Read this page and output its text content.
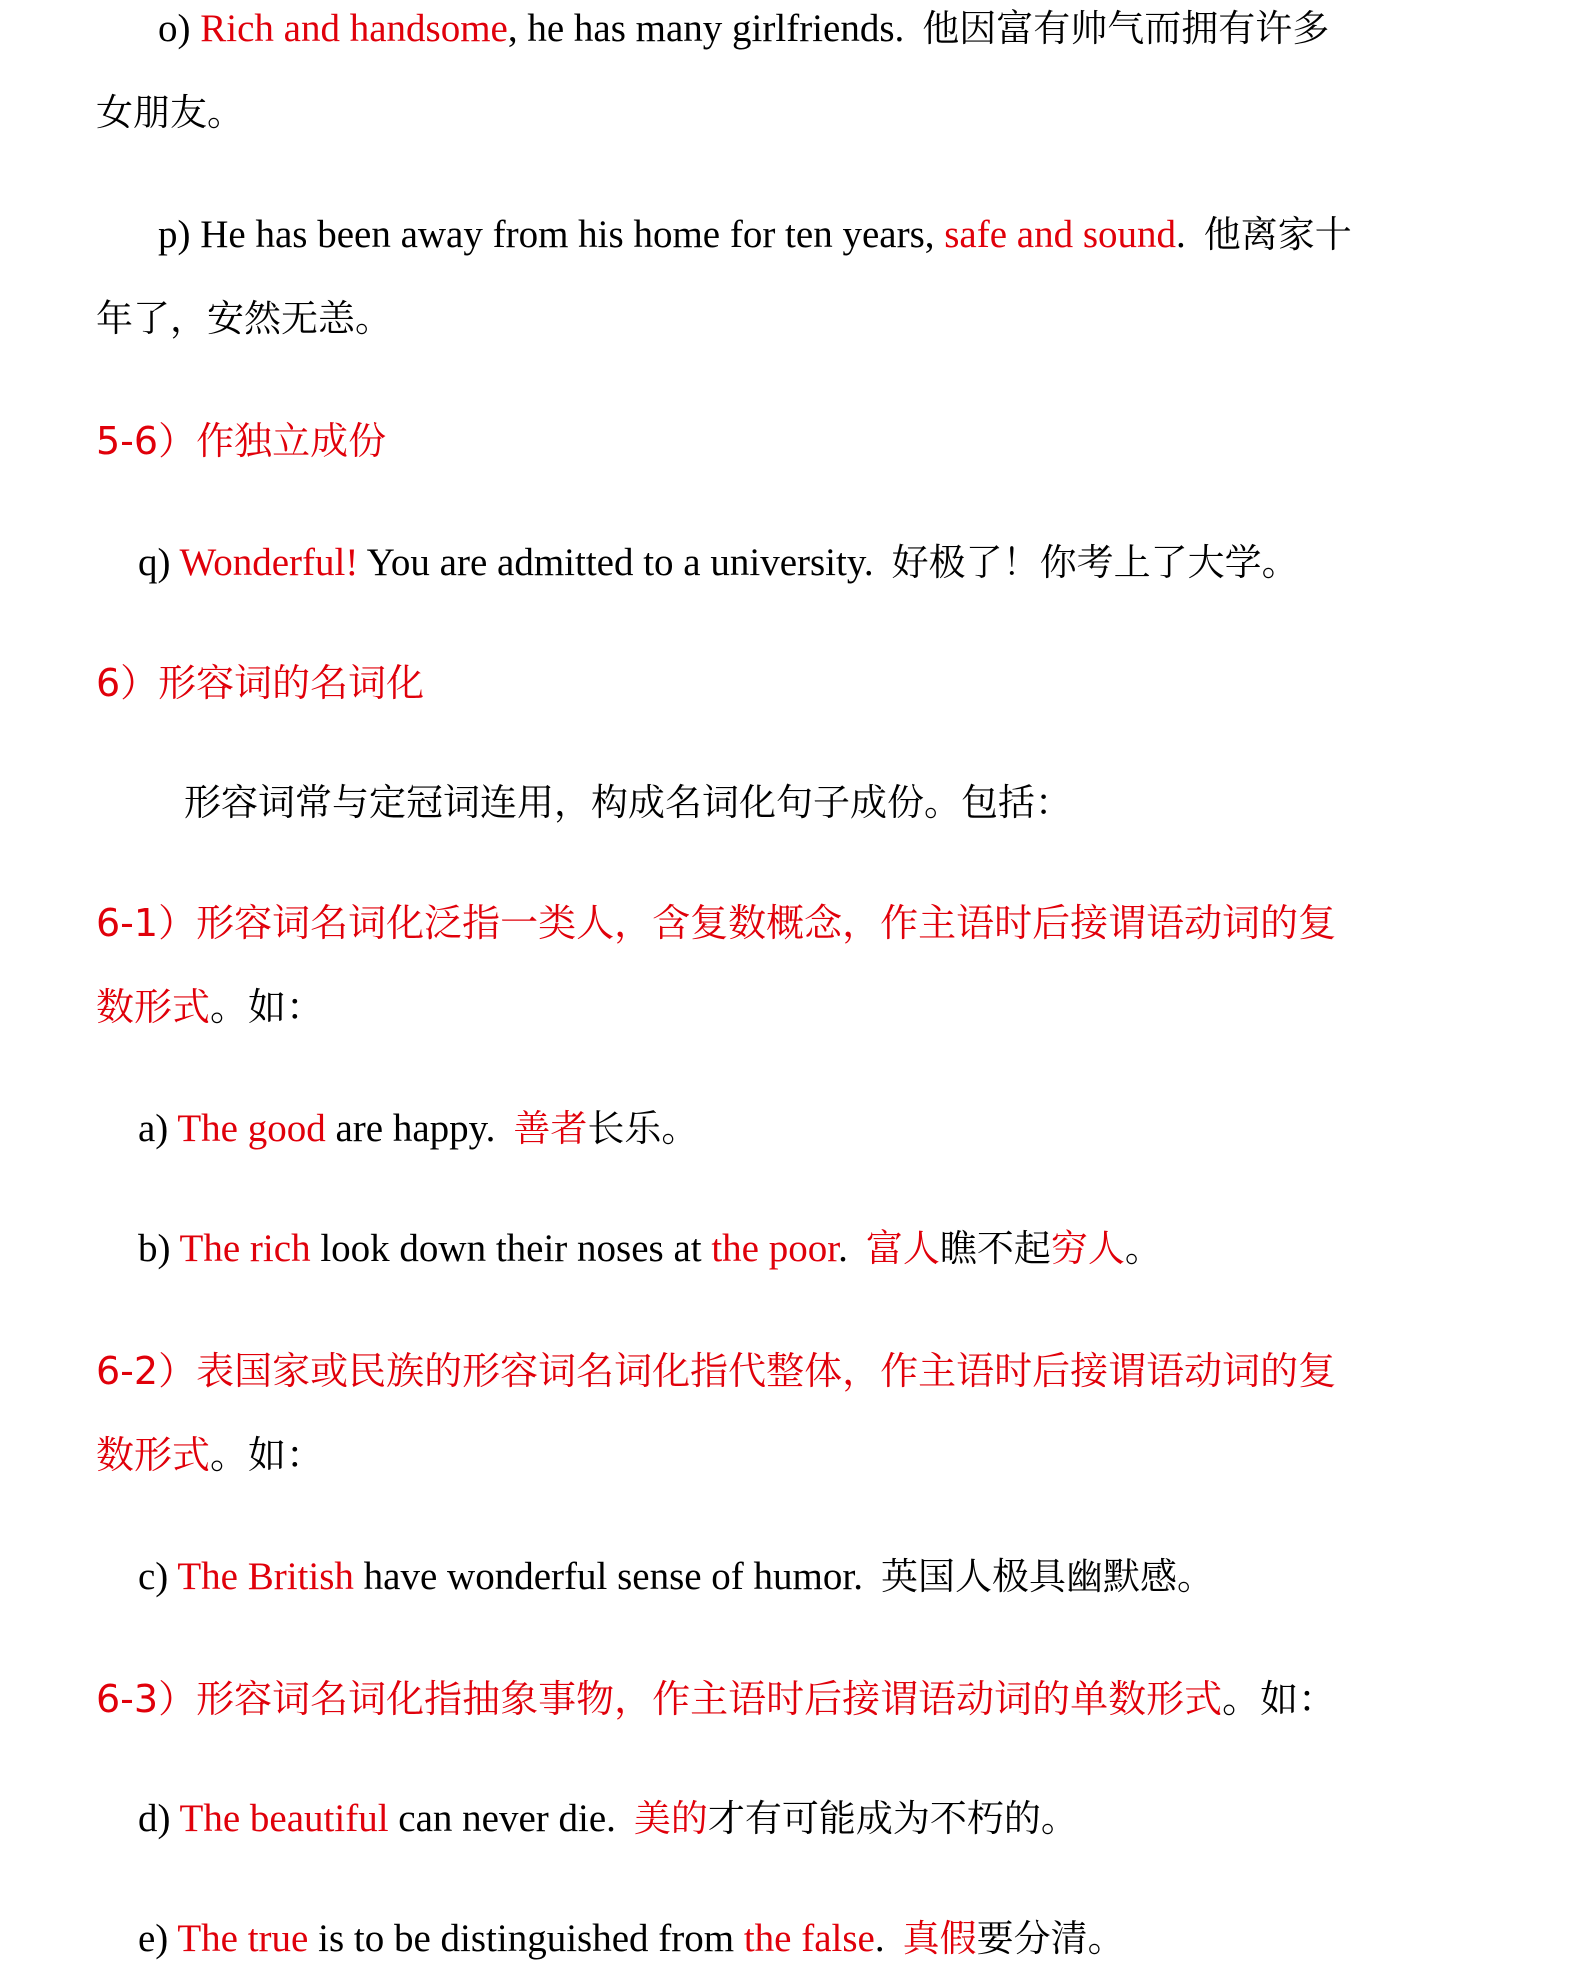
o) Rich and handsome, he has many girlfriends. 他因富有帅气而拥有许多
女朋友。
p) He has been away from his home for ten years, safe and sound. 他离家十
年了，安然无恙。
5-6）作独立成份
q) Wonderful! You are admitted to a university. 好极了！你考上了大学。
6）形容词的名词化
形容词常与定冠词连用，构成名词化句子成份。包括：
6-1）形容词名词化泛指一类人，含复数概念，作主语时后接谓语动词的复
数形式。如：
a) The good are happy. 善者长乐。
b) The rich look down their noses at the poor. 富人瞧不起穷人。
6-2）表国家或民族的形容词名词化指代整体，作主语时后接谓语动词的复
数形式。如：
c) The British have wonderful sense of humor. 英国人极具幽默感。
6-3）形容词名词化指抽象事物，作主语时后接谓语动词的单数形式。如：
d) The beautiful can never die. 美的才有可能成为不朽的。
e) The true is to be distinguished from the false. 真假要分清。
